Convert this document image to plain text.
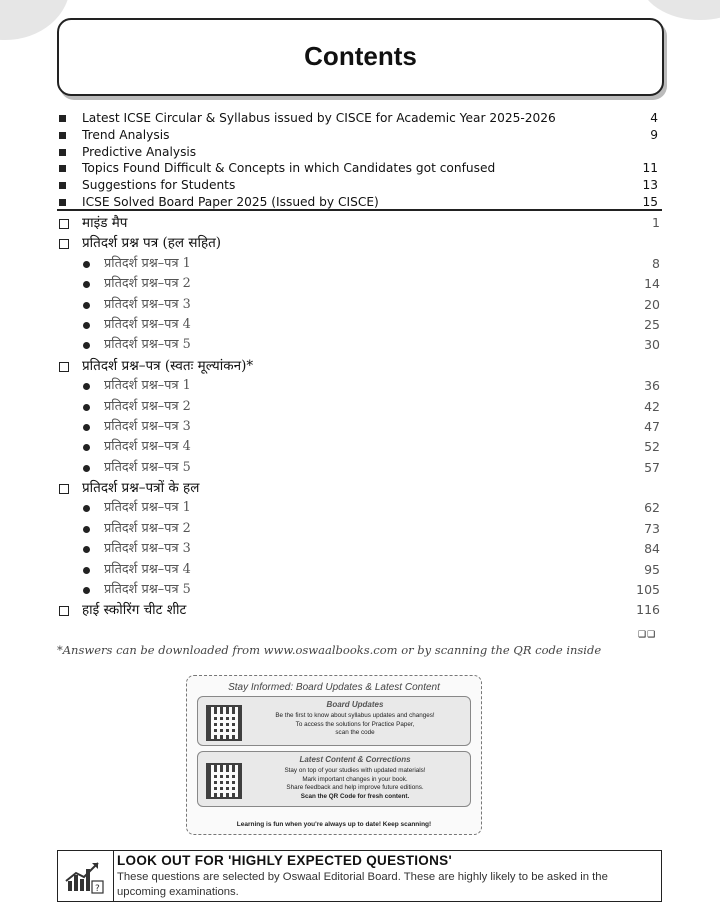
Contents
Latest ICSE Circular & Syllabus issued by CISCE for Academic Year 2025-2026	4
Trend Analysis	9
Predictive Analysis
Topics Found Difficult & Concepts in which Candidates got confused	11
Suggestions for Students	13
ICSE Solved Board Paper 2025 (Issued by CISCE)	15
माइंड मैप	1
प्रतिदर्श प्रश्न पत्र (हल सहित)
प्रतिदर्श प्रश्न–पत्र 1	8
प्रतिदर्श प्रश्न–पत्र 2	14
प्रतिदर्श प्रश्न–पत्र 3	20
प्रतिदर्श प्रश्न–पत्र 4	25
प्रतिदर्श प्रश्न–पत्र 5	30
प्रतिदर्श प्रश्न–पत्र (स्वतः मूल्यांकन)*
प्रतिदर्श प्रश्न–पत्र 1	36
प्रतिदर्श प्रश्न–पत्र 2	42
प्रतिदर्श प्रश्न–पत्र 3	47
प्रतिदर्श प्रश्न–पत्र 4	52
प्रतिदर्श प्रश्न–पत्र 5	57
प्रतिदर्श प्रश्न–पत्रों के हल
प्रतिदर्श प्रश्न–पत्र 1	62
प्रतिदर्श प्रश्न–पत्र 2	73
प्रतिदर्श प्रश्न–पत्र 3	84
प्रतिदर्श प्रश्न–पत्र 4	95
प्रतिदर्श प्रश्न–पत्र 5	105
हाई स्कोरिंग चीट शीट	116
❑❑
*Answers can be downloaded from www.oswaalbooks.com or by scanning the QR code inside
Stay Informed: Board Updates & Latest Content
Board Updates
Be the first to know about syllabus updates and changes!
To access the solutions for Practice Paper,
scan the code
Latest Content & Corrections
Stay on top of your studies with updated materials!
Mark important changes in your book.
Share feedback and help improve future editions.
Scan the QR Code for fresh content.
Learning is fun when you're always up to date! Keep scanning!
?
LOOK OUT FOR 'HIGHLY EXPECTED QUESTIONS'
These questions are selected by Oswaal Editorial Board. These are highly likely to be asked in the upcoming examinations.
